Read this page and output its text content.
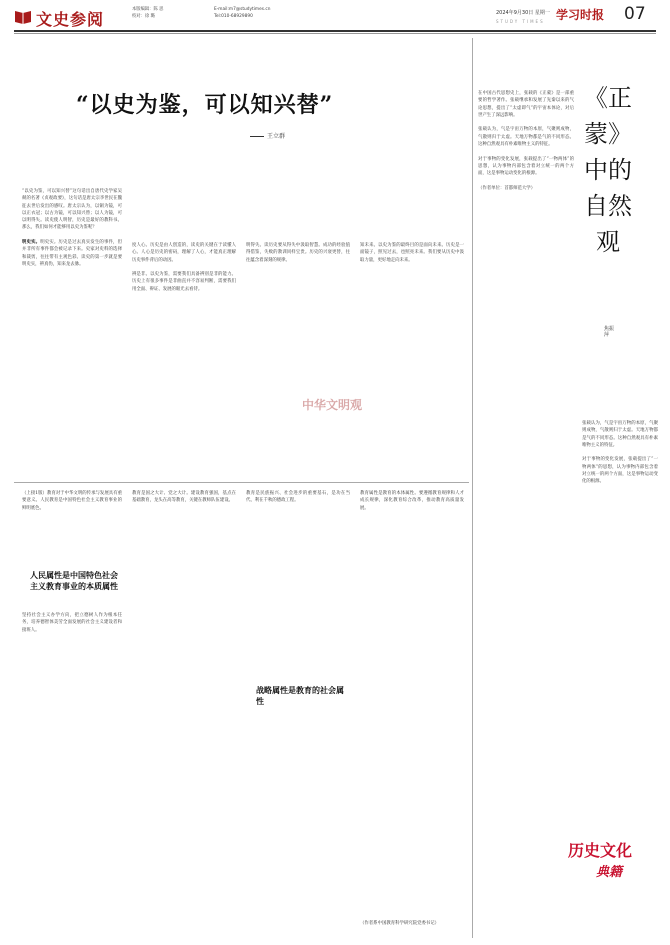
文史参阅
本版编辑：陈 思
校对：徐 璐
E-mail:m7@studytimes.cn
Tel:010-68929890	2024年9月30日 星期一 学习时报 07
STUDY TIMES
“以史为鉴，可以知兴替”
王立群
“以史为鉴，可以知兴替”这句话出自唐代史学家吴兢的名著《贞观政要》，这句话是唐太宗李世民在魏征去世后发出的感叹。唐太宗认为，以铜为镜，可以正衣冠；以古为镜，可以知兴替；以人为镜，可以明得失。读史使人明智，历史是最好的教科书。那么，我们如何才能够用以史为鉴呢？

明史实。明史实。历史是过去真实发生的事件，但并非所有事件都会被记录下来。史家对史料的选择和裁剪，往往带有主观色彩。读史的第一步就是要明史实，辨真伪，知来龙去脉。
度人心。历史是由人创造的，读史的关键在于读懂人心。人心是历史的密码，理解了人心，才能真正理解历史事件背后的动因。

辨是非。以史为鉴，需要我们具备辨别是非的能力。历史上有很多事件是非曲直并不容易判断，需要我们用全面、辩证、发展的眼光去看待。
明得失。读历史要从得失中汲取智慧。成功的经验值得借鉴，失败的教训同样宝贵。历史的兴衰更替，往往蕴含着深刻的规律。
知未来。以史为鉴的最终目的是面向未来。历史是一面镜子，照见过去，也照亮未来。我们要从历史中汲取力量，更好地走向未来。
中华文明观
（上接1版）教育对于中华文明的传承与发展具有重要意义。人民教育是中国特色社会主义教育事业的鲜明底色。
人民属性是中国特色社会主义教育事业的本质属性
坚持社会主义办学方向，把立德树人作为根本任务，培养德智体美劳全面发展的社会主义建设者和接班人。
教育是国之大计、党之大计。建设教育强国，基点在基础教育，龙头在高等教育，关键在教师队伍建设。
战略属性是教育的社会属性
教育是民族振兴、社会进步的重要基石，是功在当代、利在千秋的德政工程。
教育属性是教育的本体属性。要遵循教育规律和人才成长规律，深化教育综合改革，推动教育高质量发展。
（作者系中国教育科学研究院党委书记）
在中国古代思想史上，张载的《正蒙》是一部重要的哲学著作。张载继承和发展了先秦以来的气论思想，提出了“太虚即气”的宇宙本体论，对后世产生了深远影响。

张载认为，气是宇宙万物的本原，气聚则成物，气散则归于太虚。天地万物都是气的不同形态。这种自然观具有朴素唯物主义的特征。

对于事物的变化发展，张载提出了“一物两体”的思想，认为事物内部包含着对立统一的两个方面，这是事物运动变化的根源。

（作者单位：首都师范大学）
《正蒙》中的自然观
焦振萍
张载认为，气是宇宙万物的本原，气聚则成物，气散则归于太虚。天地万物都是气的不同形态。这种自然观具有朴素唯物主义的特征。

对于事物的变化发展，张载提出了“一物两体”的思想，认为事物内部包含着对立统一的两个方面，这是事物运动变化的根源。
历史文化
典籍
